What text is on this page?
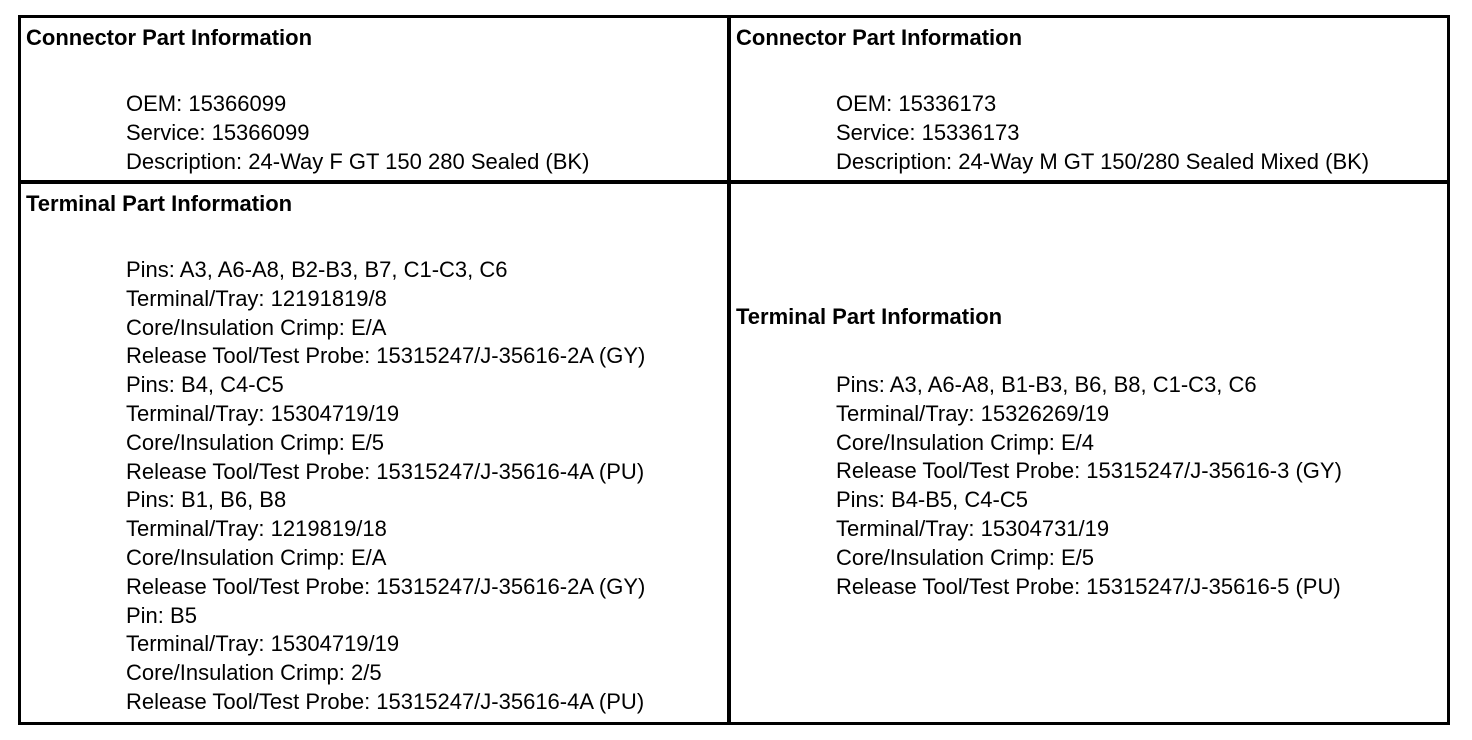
Connector Part Information
OEM: 15366099
Service: 15366099
Description: 24-Way F GT 150 280 Sealed (BK)
Connector Part Information
OEM: 15336173
Service: 15336173
Description: 24-Way M GT 150/280 Sealed Mixed (BK)
Terminal Part Information
Pins: A3, A6-A8, B2-B3, B7, C1-C3, C6
Terminal/Tray: 12191819/8
Core/Insulation Crimp: E/A
Release Tool/Test Probe: 15315247/J-35616-2A (GY)
Pins: B4, C4-C5
Terminal/Tray: 15304719/19
Core/Insulation Crimp: E/5
Release Tool/Test Probe: 15315247/J-35616-4A (PU)
Pins: B1, B6, B8
Terminal/Tray: 1219819/18
Core/Insulation Crimp: E/A
Release Tool/Test Probe: 15315247/J-35616-2A (GY)
Pin: B5
Terminal/Tray: 15304719/19
Core/Insulation Crimp: 2/5
Release Tool/Test Probe: 15315247/J-35616-4A (PU)
Terminal Part Information
Pins: A3, A6-A8, B1-B3, B6, B8, C1-C3, C6
Terminal/Tray: 15326269/19
Core/Insulation Crimp: E/4
Release Tool/Test Probe: 15315247/J-35616-3 (GY)
Pins: B4-B5, C4-C5
Terminal/Tray: 15304731/19
Core/Insulation Crimp: E/5
Release Tool/Test Probe: 15315247/J-35616-5 (PU)
